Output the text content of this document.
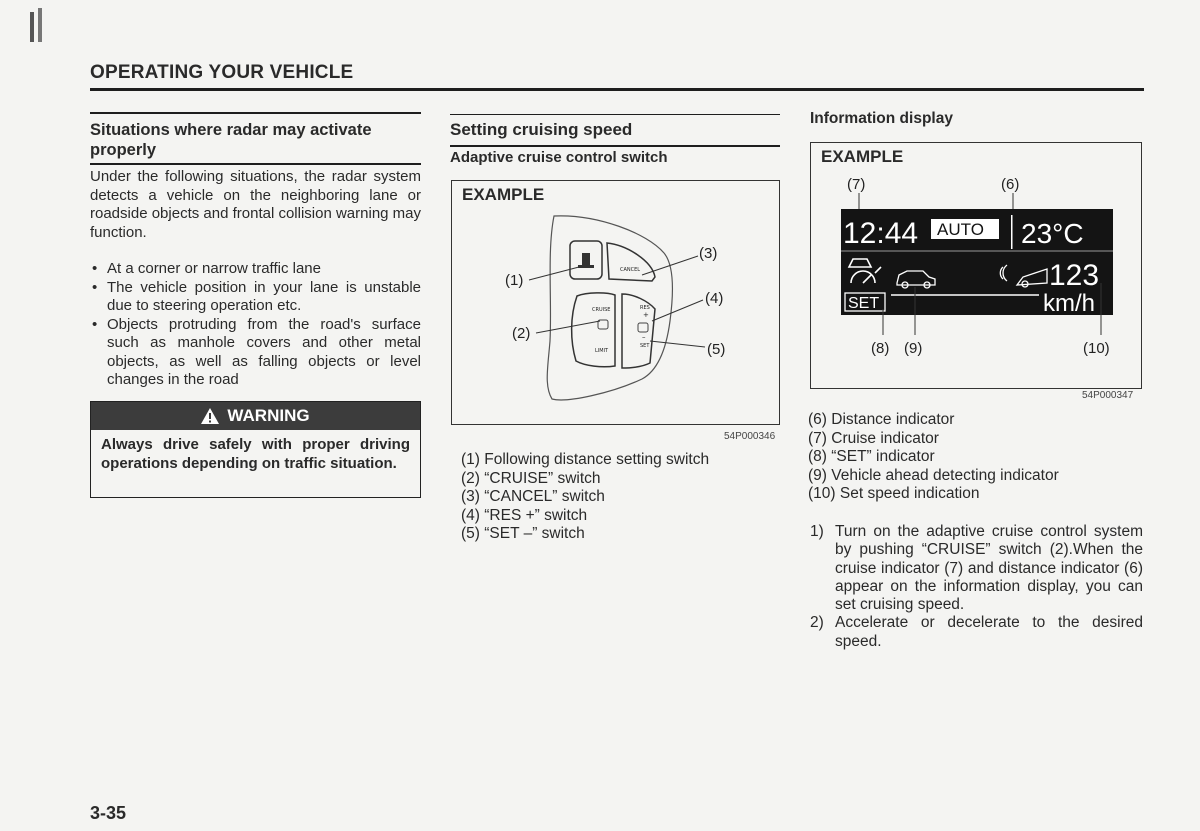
OPERATING YOUR VEHICLE
Situations where radar may activate properly
Under the following situations, the radar system detects a vehicle on the neighboring lane or roadside objects and frontal collision warning may function.
• At a corner or narrow traffic lane
• The vehicle position in your lane is unstable due to steering operation etc.
• Objects protruding from the road's surface such as manhole covers and other metal objects, as well as falling objects or level changes in the road
WARNING
Always drive safely with proper driving operations depending on traffic situation.
Setting cruising speed
Adaptive cruise control switch
EXAMPLE
CANCEL
CRUISE
LIMIT
RES
+
–
SET
(1)
(2)
(3)
(4)
(5)
54P000346
(1) Following distance setting switch
(2) “CRUISE” switch
(3) “CANCEL” switch
(4) “RES +” switch
(5) “SET –” switch
Information display
EXAMPLE
(7)	(6)
12:44 AUTO 23°C
123
SET	km/h
(8) (9)	(10)
54P000347
(6) Distance indicator
(7) Cruise indicator
(8) “SET” indicator
(9) Vehicle ahead detecting indicator
(10) Set speed indication
1) Turn on the adaptive cruise control system by pushing “CRUISE” switch (2).When the cruise indicator (7) and distance indicator (6) appear on the information display, you can set cruising speed.
2) Accelerate or decelerate to the desired speed.
3-35
